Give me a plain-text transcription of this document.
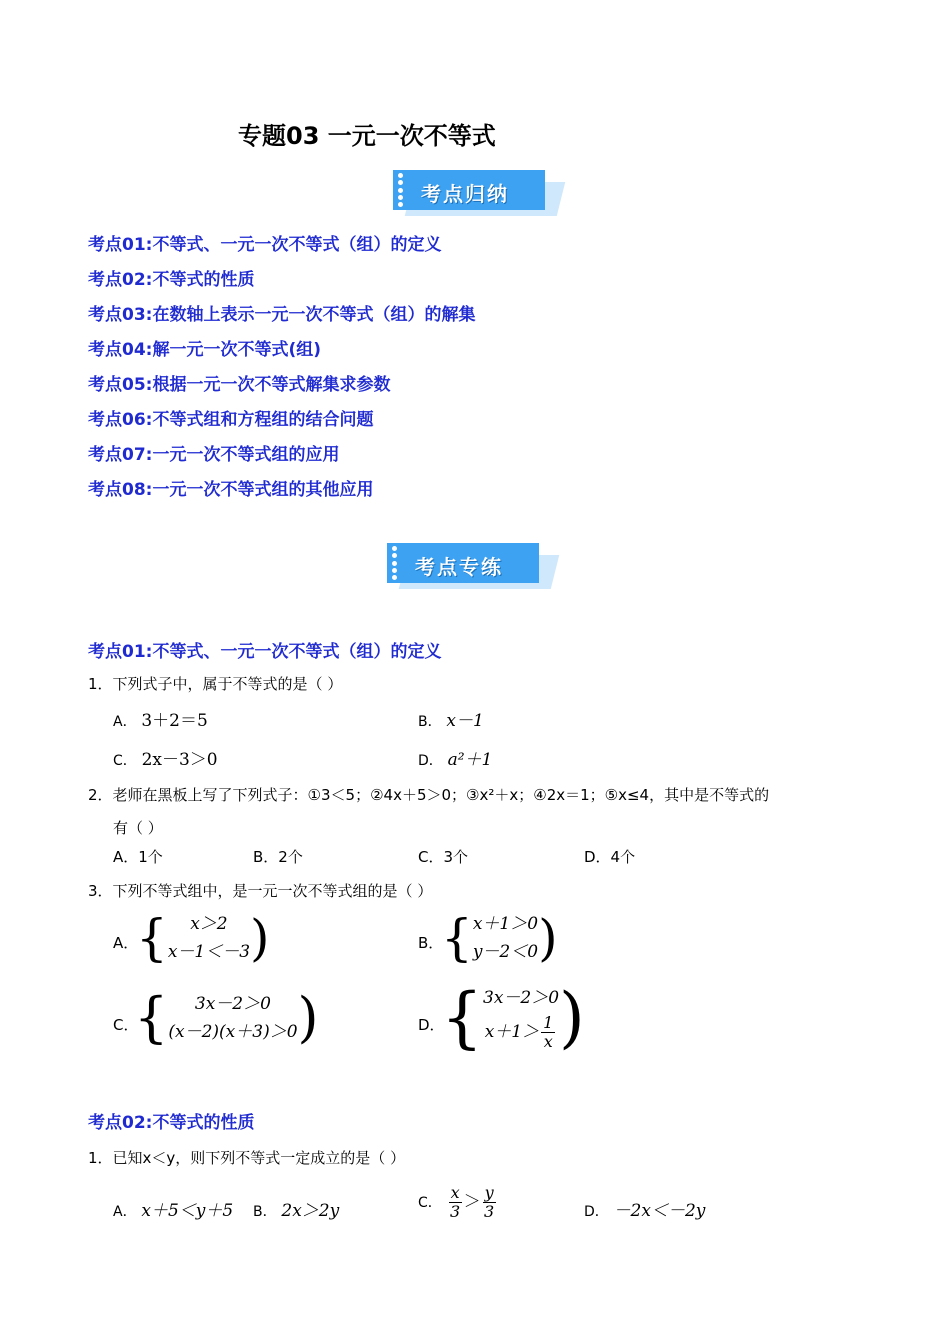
专题03 一元一次不等式
考点归纳
考点01:不等式、一元一次不等式（组）的定义
考点02:不等式的性质
考点03:在数轴上表示一元一次不等式（组）的解集
考点04:解一元一次不等式(组)
考点05:根据一元一次不等式解集求参数
考点06:不等式组和方程组的结合问题
考点07:一元一次不等式组的应用
考点08:一元一次不等式组的其他应用
考点专练
考点01:不等式、一元一次不等式（组）的定义
1．下列式子中，属于不等式的是（ ）
A． 3＋2＝5	B． x－1
C． 2x－3＞0	D． a²＋1
2．老师在黑板上写了下列式子：①3＜5；②4x＋5＞0；③x²＋x；④2x＝1；⑤x≤4，其中是不等式的
有（ ）
A．1个	B．2个	C．3个	D．4个
3．下列不等式组中，是一元一次不等式组的是（ ）
A．
{	x＞2
x－1＜－3 )	B．
{ x＋1＞0
y－2＜0 )
C．
{	3x－2＞0
(x－2)(x＋3)＞0 )	D．
{ 3x－2＞0
$x+1> \frac{1}{x}$ )
考点02:不等式的性质
1．已知x＜y，则下列不等式一定成立的是（ ）
A． x＋5＜y＋5 B． 2x＞2y	C． $\frac{x}{3} > \frac{y}{3}$	D． －2x＜－2y
